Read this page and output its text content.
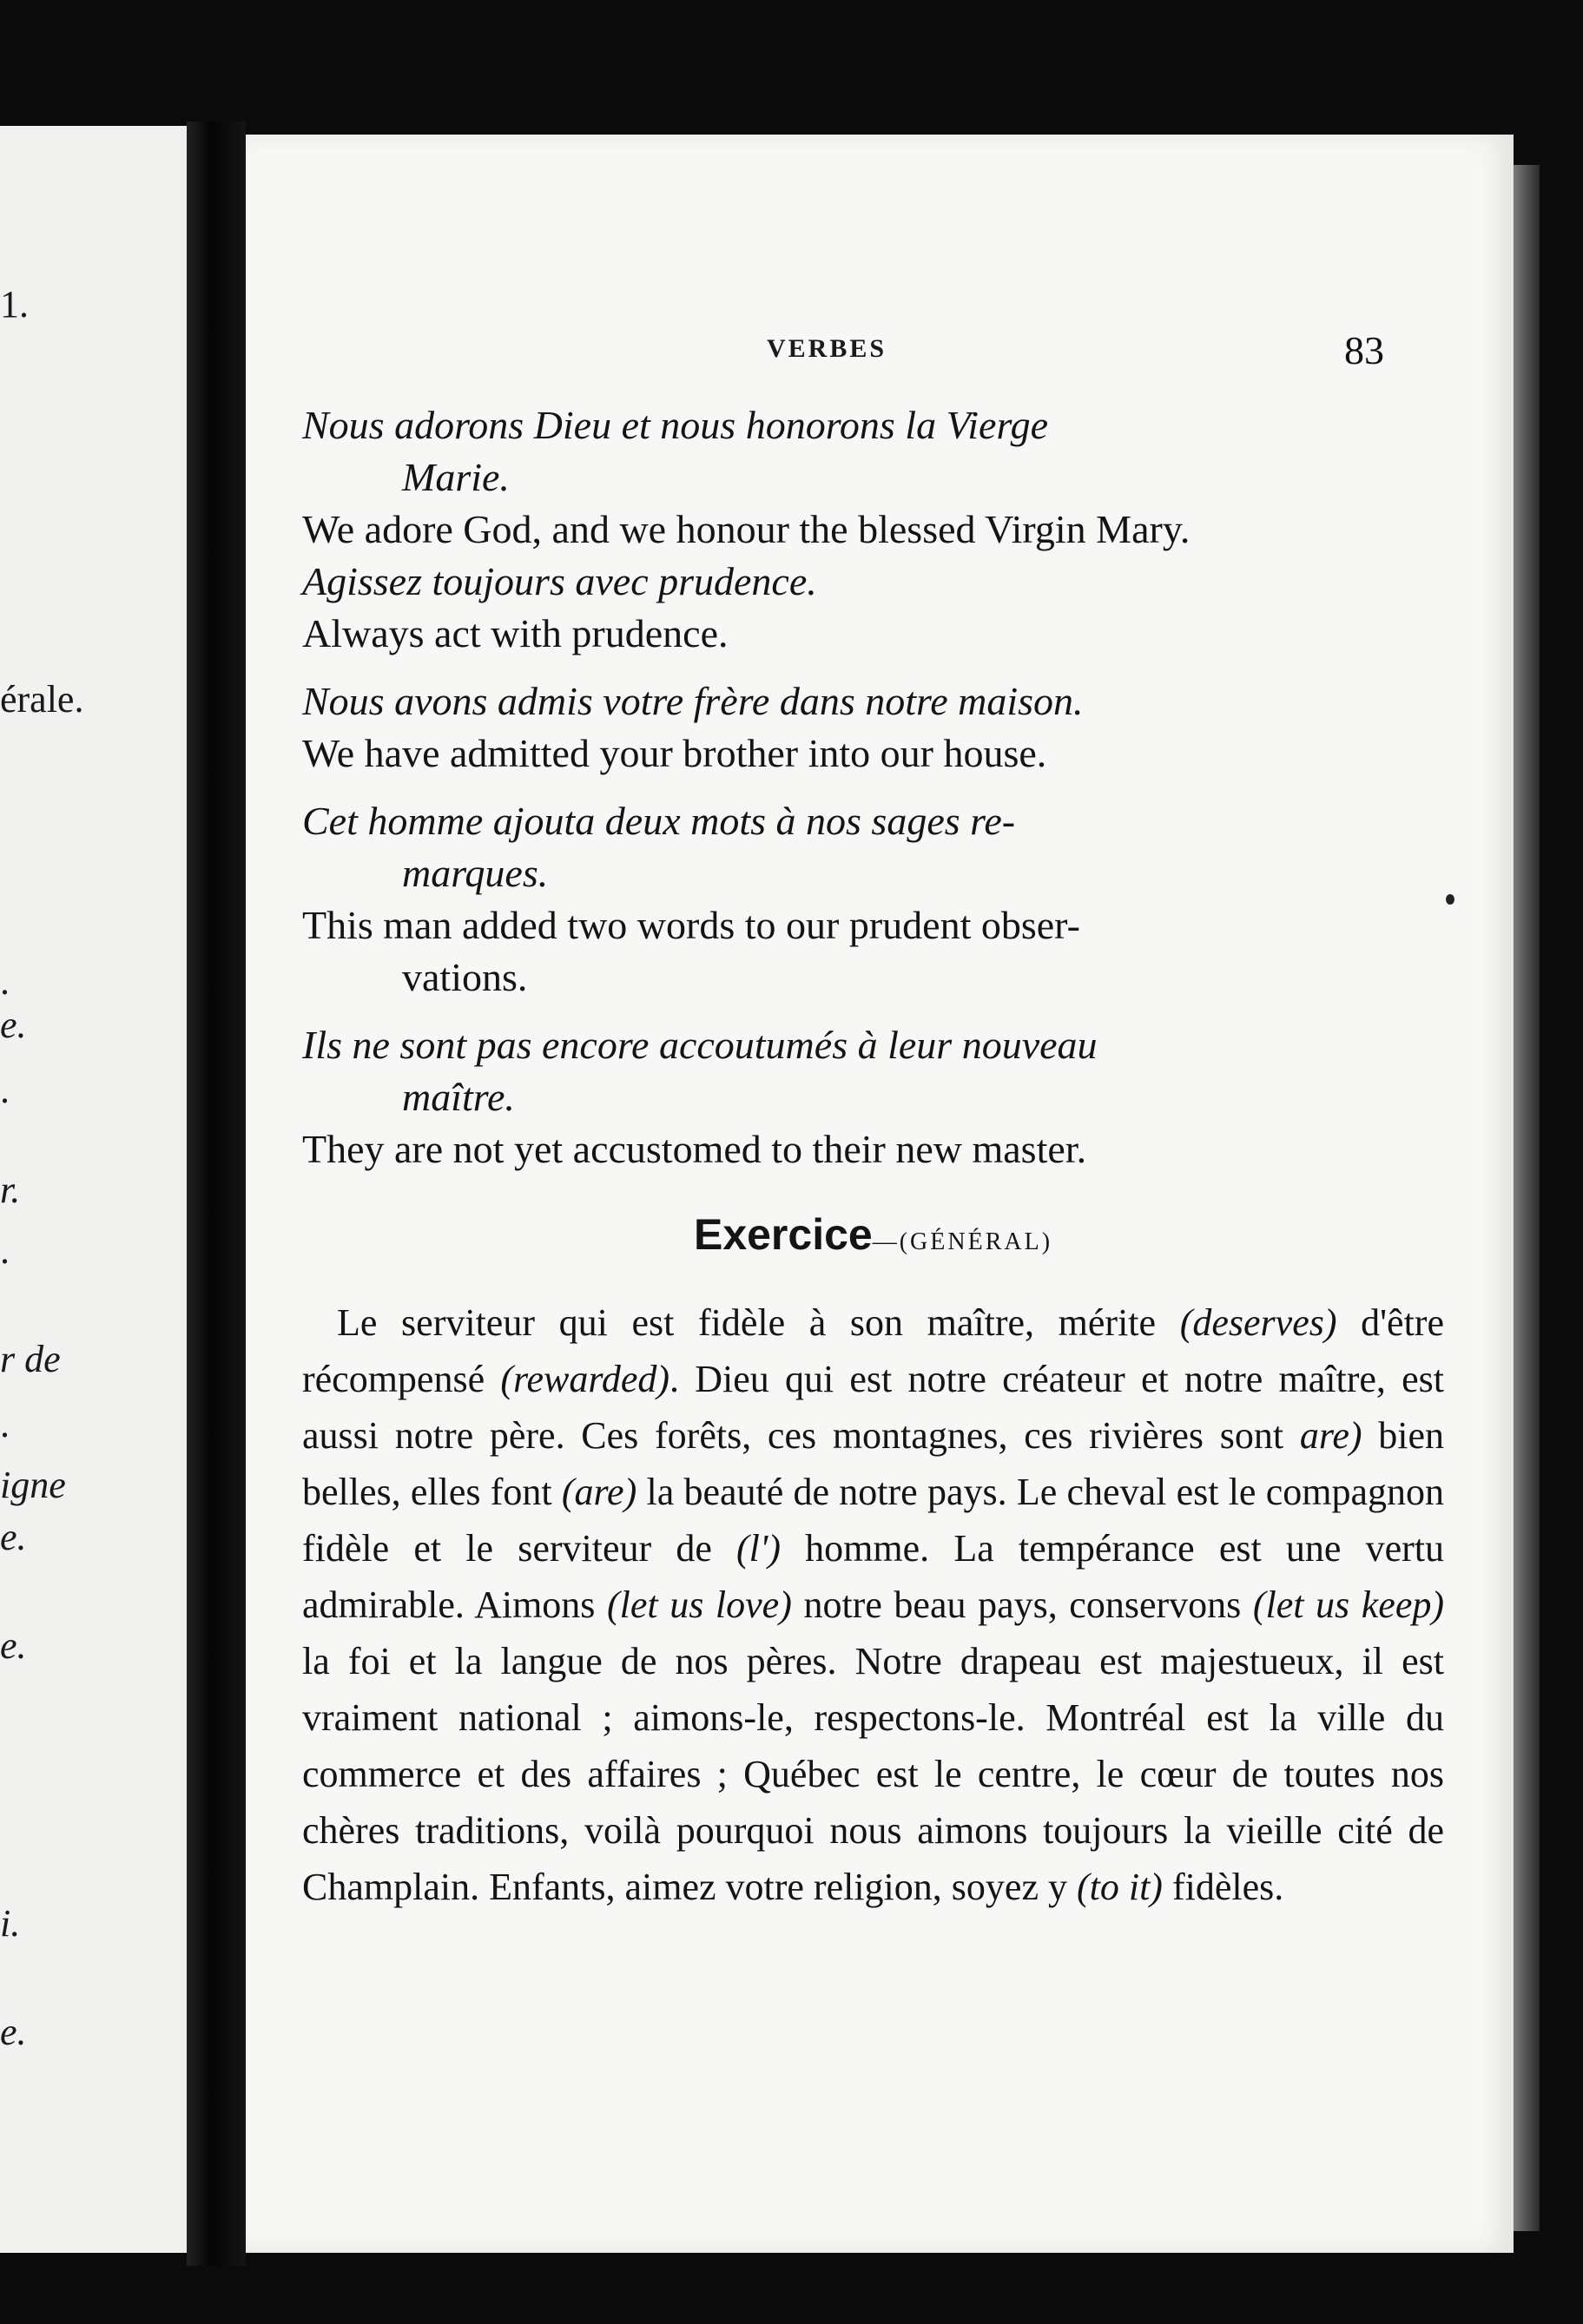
1.
érale.
.
e.
.
r.
.
r de
.
igne
e.
e.
i.
e.
VERBES	83

Nous adorons Dieu et nous honorons la Vierge

Marie.

We adore God, and we honour the blessed Virgin Mary.

Agissez toujours avec prudence.

Always act with prudence.

Nous avons admis votre frère dans notre maison.

We have admitted your brother into our house.

Cet homme ajouta deux mots à nos sages re-

marques.

This man added two words to our prudent obser-

vations.

Ils ne sont pas encore accoutumés à leur nouveau

maître.

They are not yet accustomed to their new master.

Exercice—(GÉNÉRAL)

Le serviteur qui est fidèle à son maître, mérite (deserves) d'être récompensé (rewarded). Dieu qui est notre créateur et notre maître, est aussi notre père. Ces forêts, ces montagnes, ces rivières sont are) bien belles, elles font (are) la beauté de notre pays. Le cheval est le compagnon fidèle et le serviteur de (l') homme. La tempérance est une vertu admirable. Aimons (let us love) notre beau pays, conservons (let us keep) la foi et la langue de nos pères. Notre drapeau est majestueux, il est vraiment national ; aimons-le, respectons-le. Montréal est la ville du commerce et des affaires ; Québec est le centre, le cœur de toutes nos chères traditions, voilà pourquoi nous aimons toujours la vieille cité de Champlain. Enfants, aimez votre religion, soyez y (to it) fidèles.
